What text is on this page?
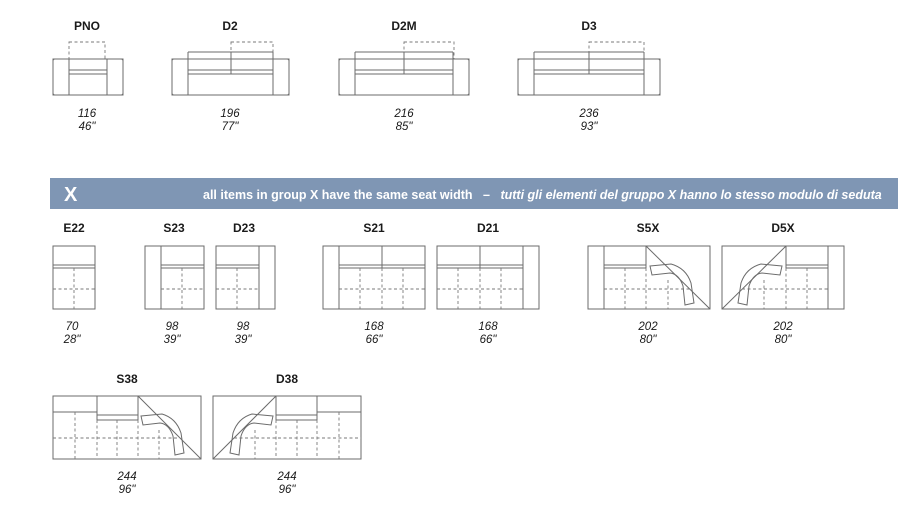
PNO
116
46"
D2
196
77"
D2M
216
85"
D3
236
93"
X	all items in group X have the same seat width – tutti gli elementi del gruppo X hanno lo stesso modulo di seduta
E22
70
28"
S23
98
39"
D23
98
39"
S21
168
66"
D21
168
66"
S5X
202
80"
D5X
202
80"
S38
244
96"
D38
244
96"
